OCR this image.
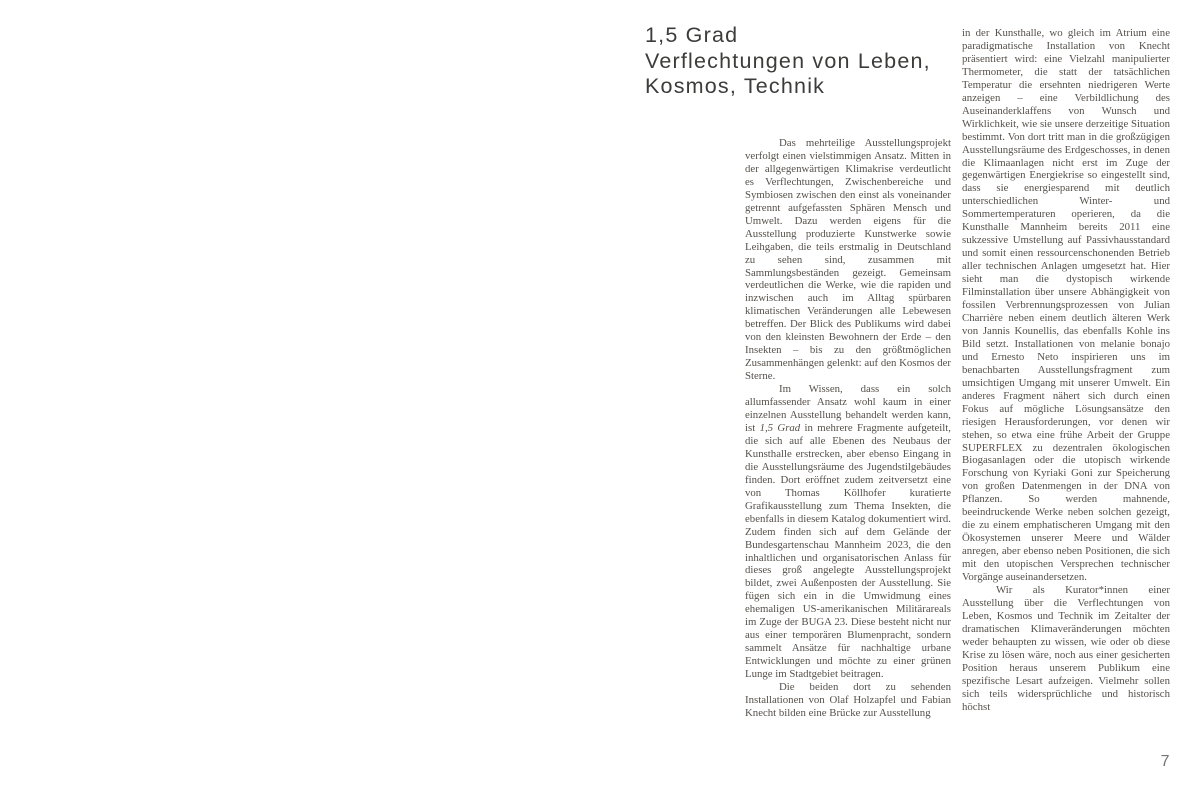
1,5 Grad
Verflechtungen von Leben,
Kosmos, Technik

Das mehrteilige Ausstellungsprojekt verfolgt einen vielstimmigen Ansatz. Mitten in der allgegenwärtigen Klimakrise verdeutlicht es Verflechtungen, Zwischenbereiche und Symbiosen zwischen den einst als voneinander getrennt aufgefassten Sphären Mensch und Umwelt. Dazu werden eigens für die Ausstellung produzierte Kunstwerke sowie Leihgaben, die teils erstmalig in Deutschland zu sehen sind, zusammen mit Sammlungsbeständen gezeigt. Gemeinsam verdeutlichen die Werke, wie die rapiden und inzwischen auch im Alltag spürbaren klimatischen Veränderungen alle Lebewesen betreffen. Der Blick des Publikums wird dabei von den kleinsten Bewohnern der Erde – den Insekten – bis zu den größtmöglichen Zusammenhängen gelenkt: auf den Kosmos der Sterne.

Im Wissen, dass ein solch allumfassender Ansatz wohl kaum in einer einzelnen Ausstellung behandelt werden kann, ist 1,5 Grad in mehrere Fragmente aufgeteilt, die sich auf alle Ebenen des Neubaus der Kunsthalle erstrecken, aber ebenso Eingang in die Ausstellungsräume des Jugendstilgebäudes finden. Dort eröffnet zudem zeitversetzt eine von Thomas Köllhofer kuratierte Grafikausstellung zum Thema Insekten, die ebenfalls in diesem Katalog dokumentiert wird. Zudem finden sich auf dem Gelände der Bundesgartenschau Mannheim 2023, die den inhaltlichen und organisatorischen Anlass für dieses groß angelegte Ausstellungsprojekt bildet, zwei Außenposten der Ausstellung. Sie fügen sich ein in die Umwidmung eines ehemaligen US-amerikanischen Militärareals im Zuge der BUGA 23. Diese besteht nicht nur aus einer temporären Blumenpracht, sondern sammelt Ansätze für nachhaltige urbane Entwicklungen und möchte zu einer grünen Lunge im Stadtgebiet beitragen.

Die beiden dort zu sehenden Installationen von Olaf Holzapfel und Fabian Knecht bilden eine Brücke zur Ausstellung

in der Kunsthalle, wo gleich im Atrium eine paradigmatische Installation von Knecht präsentiert wird: eine Vielzahl manipulierter Thermometer, die statt der tatsächlichen Temperatur die ersehnten niedrigeren Werte anzeigen – eine Verbildlichung des Auseinanderklaffens von Wunsch und Wirklichkeit, wie sie unsere derzeitige Situation bestimmt. Von dort tritt man in die großzügigen Ausstellungsräume des Erdgeschosses, in denen die Klimaanlagen nicht erst im Zuge der gegenwärtigen Energiekrise so eingestellt sind, dass sie energiesparend mit deutlich unterschiedlichen Winter- und Sommertemperaturen operieren, da die Kunsthalle Mannheim bereits 2011 eine sukzessive Umstellung auf Passivhausstandard und somit einen ressourcenschonenden Betrieb aller technischen Anlagen umgesetzt hat. Hier sieht man die dystopisch wirkende Filminstallation über unsere Abhängigkeit von fossilen Verbrennungsprozessen von Julian Charrière neben einem deutlich älteren Werk von Jannis Kounellis, das ebenfalls Kohle ins Bild setzt. Installationen von melanie bonajo und Ernesto Neto inspirieren uns im benachbarten Ausstellungsfragment zum umsichtigen Umgang mit unserer Umwelt. Ein anderes Fragment nähert sich durch einen Fokus auf mögliche Lösungsansätze den riesigen Herausforderungen, vor denen wir stehen, so etwa eine frühe Arbeit der Gruppe SUPERFLEX zu dezentralen ökologischen Biogasanlagen oder die utopisch wirkende Forschung von Kyriaki Goni zur Speicherung von großen Datenmengen in der DNA von Pflanzen. So werden mahnende, beeindruckende Werke neben solchen gezeigt, die zu einem emphatischeren Umgang mit den Ökosystemen unserer Meere und Wälder anregen, aber ebenso neben Positionen, die sich mit den utopischen Versprechen technischer Vorgänge auseinandersetzen.

Wir als Kurator*innen einer Ausstellung über die Verflechtungen von Leben, Kosmos und Technik im Zeitalter der dramatischen Klimaveränderungen möchten weder behaupten zu wissen, wie oder ob diese Krise zu lösen wäre, noch aus einer gesicherten Position heraus unserem Publikum eine spezifische Lesart aufzeigen. Vielmehr sollen sich teils widersprüchliche und historisch höchst

7
